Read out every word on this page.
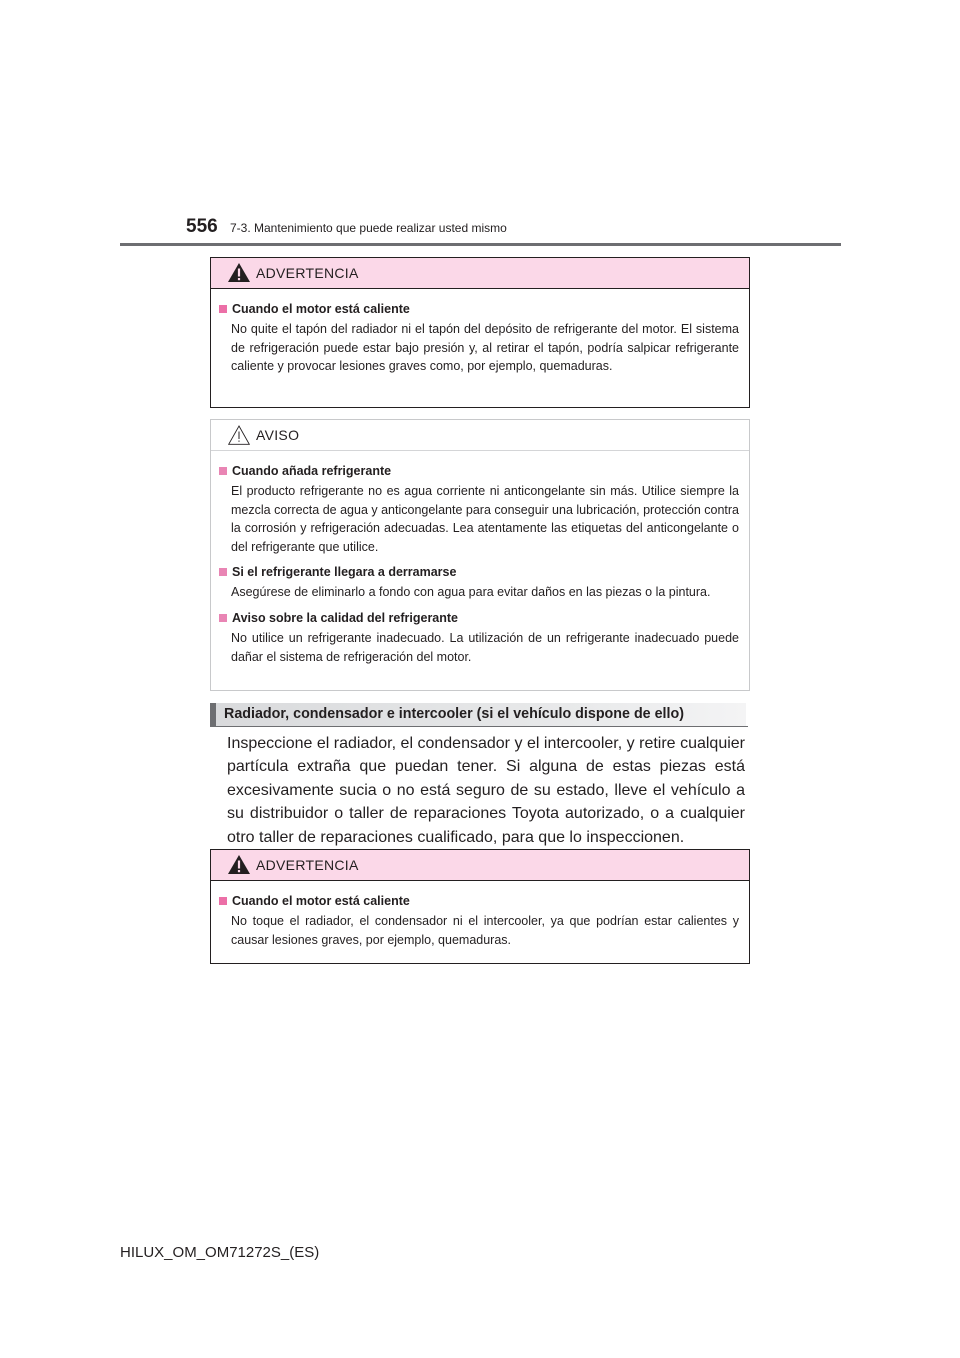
556 7-3. Mantenimiento que puede realizar usted mismo
ADVERTENCIA
Cuando el motor está caliente
No quite el tapón del radiador ni el tapón del depósito de refrigerante del motor. El sistema de refrigeración puede estar bajo presión y, al retirar el tapón, podría salpicar refrigerante caliente y provocar lesiones graves como, por ejemplo, quemaduras.
AVISO
Cuando añada refrigerante
El producto refrigerante no es agua corriente ni anticongelante sin más. Utilice siempre la mezcla correcta de agua y anticongelante para conseguir una lubricación, protección contra la corrosión y refrigeración adecuadas. Lea atentamente las etiquetas del anticongelante o del refrigerante que utilice.
Si el refrigerante llegara a derramarse
Asegúrese de eliminarlo a fondo con agua para evitar daños en las piezas o la pintura.
Aviso sobre la calidad del refrigerante
No utilice un refrigerante inadecuado. La utilización de un refrigerante inadecuado puede dañar el sistema de refrigeración del motor.
Radiador, condensador e intercooler (si el vehículo dispone de ello)
Inspeccione el radiador, el condensador y el intercooler, y retire cualquier partícula extraña que puedan tener. Si alguna de estas piezas está excesivamente sucia o no está seguro de su estado, lleve el vehículo a su distribuidor o taller de reparaciones Toyota autorizado, o a cualquier otro taller de reparaciones cualificado, para que lo inspeccionen.
ADVERTENCIA
Cuando el motor está caliente
No toque el radiador, el condensador ni el intercooler, ya que podrían estar calientes y causar lesiones graves, por ejemplo, quemaduras.
HILUX_OM_OM71272S_(ES)
